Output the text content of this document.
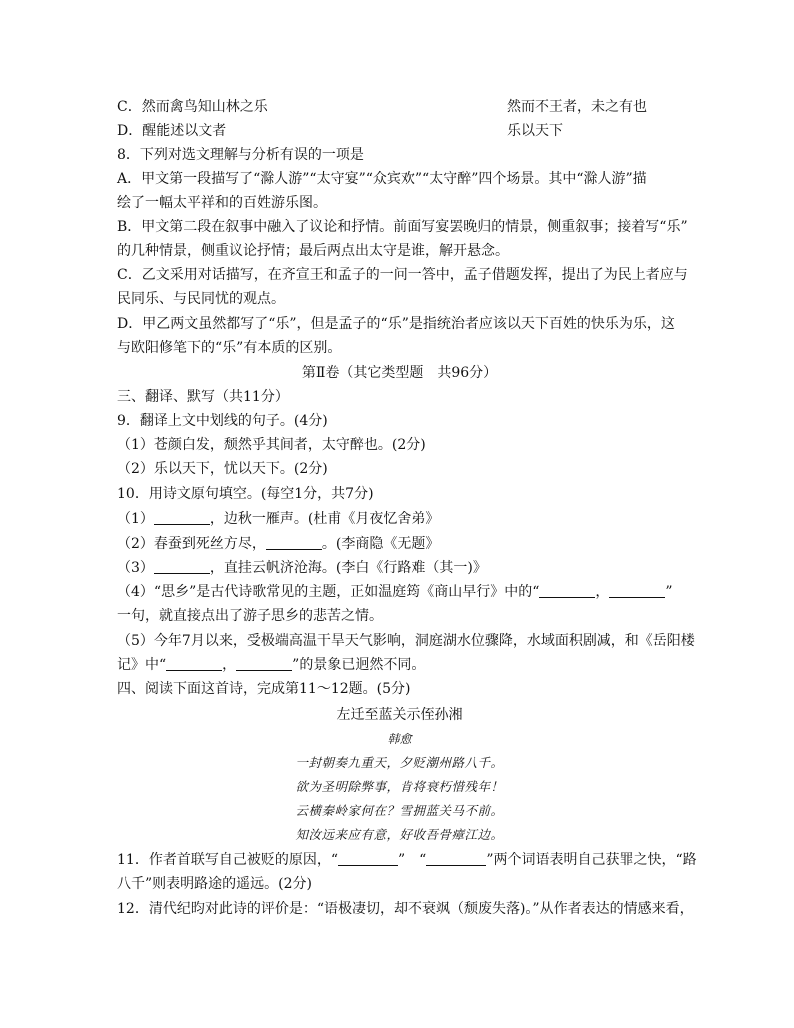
C．然而禽鸟知山林之乐	然而不王者，未之有也
D．醒能述以文者	乐以天下
8．下列对选文理解与分析有误的一项是
A．甲文第一段描写了“滁人游”“太守宴”“众宾欢”“太守醉”四个场景。其中“滁人游”描
绘了一幅太平祥和的百姓游乐图。
B．甲文第二段在叙事中融入了议论和抒情。前面写宴罢晚归的情景，侧重叙事；接着写“乐”
的几种情景，侧重议论抒情；最后两点出太守是谁，解开悬念。
C．乙文采用对话描写，在齐宣王和孟子的一问一答中，孟子借题发挥，提出了为民上者应与
民同乐、与民同忧的观点。
D．甲乙两文虽然都写了“乐”，但是孟子的“乐”是指统治者应该以天下百姓的快乐为乐，这
与欧阳修笔下的“乐”有本质的区别。
第Ⅱ卷（其它类型题　共96分）
三、翻译、默写（共11分）
9．翻译上文中划线的句子。(4分)
（1）苍颜白发，颓然乎其间者，太守醉也。(2分)
（2）乐以天下，忧以天下。(2分)
10．用诗文原句填空。(每空1分，共7分)
（1）	，边秋一雁声。(杜甫《月夜忆舍弟》
（2）春蚕到死丝方尽，	。(李商隐《无题》
（3）	，直挂云帆济沧海。(李白《行路难（其一)》
（4）“思乡”是古代诗歌常见的主题，正如温庭筠《商山早行》中的“	，	”
一句，就直接点出了游子思乡的悲苦之情。
（5）今年7月以来，受极端高温干旱天气影响，洞庭湖水位骤降，水域面积剧减，和《岳阳楼
记》中“	，	”的景象已迥然不同。
四、阅读下面这首诗，完成第11～12题。(5分)
左迁至蓝关示侄孙湘
韩愈
一封朝奏九重天，夕贬潮州路八千。
欲为圣明除弊事，肯将衰朽惜残年！
云横秦岭家何在？雪拥蓝关马不前。
知汝远来应有意，好收吾骨瘴江边。
11．作者首联写自己被贬的原因，“	”　“	”两个词语表明自己获罪之快，“路
八千”则表明路途的遥远。(2分)
12．清代纪昀对此诗的评价是：“语极凄切，却不衰飒（颓废失落)。”从作者表达的情感来看，
